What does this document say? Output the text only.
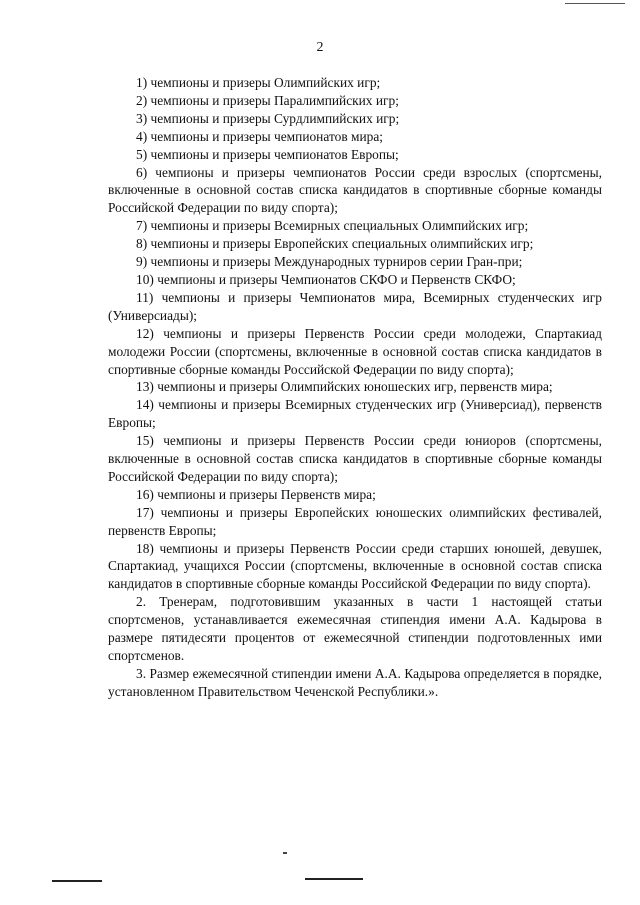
2

1) чемпионы и призеры Олимпийских игр;

2) чемпионы и призеры Паралимпийских игр;

3) чемпионы и призеры Сурдлимпийских игр;

4) чемпионы и призеры чемпионатов мира;

5) чемпионы и призеры чемпионатов Европы;

6) чемпионы и призеры чемпионатов России среди взрослых (спортсмены, включенные в основной состав списка кандидатов в спортивные сборные команды Российской Федерации по виду спорта);

7) чемпионы и призеры Всемирных специальных Олимпийских игр;

8) чемпионы и призеры Европейских специальных олимпийских игр;

9) чемпионы и призеры Международных турниров серии Гран-при;

10) чемпионы и призеры Чемпионатов СКФО и Первенств СКФО;

11) чемпионы и призеры Чемпионатов мира, Всемирных студенческих игр (Универсиады);

12) чемпионы и призеры Первенств России среди молодежи, Спартакиад молодежи России (спортсмены, включенные в основной состав списка кандидатов в спортивные сборные команды Российской Федерации по виду спорта);

13) чемпионы и призеры Олимпийских юношеских игр, первенств мира;

14) чемпионы и призеры Всемирных студенческих игр (Универсиад), первенств Европы;

15) чемпионы и призеры Первенств России среди юниоров (спортсмены, включенные в основной состав списка кандидатов в спортивные сборные команды Российской Федерации по виду спорта);

16) чемпионы и призеры Первенств мира;

17) чемпионы и призеры Европейских юношеских олимпийских фестивалей, первенств Европы;

18) чемпионы и призеры Первенств России среди старших юношей, девушек, Спартакиад, учащихся России (спортсмены, включенные в основной состав списка кандидатов в спортивные сборные команды Российской Федерации по виду спорта).

2. Тренерам, подготовившим указанных в части 1 настоящей статьи спортсменов, устанавливается ежемесячная стипендия имени А.А. Кадырова в размере пятидесяти процентов от ежемесячной стипендии подготовленных ими спортсменов.

3. Размер ежемесячной стипендии имени А.А. Кадырова определяется в порядке, установленном Правительством Чеченской Республики.».
